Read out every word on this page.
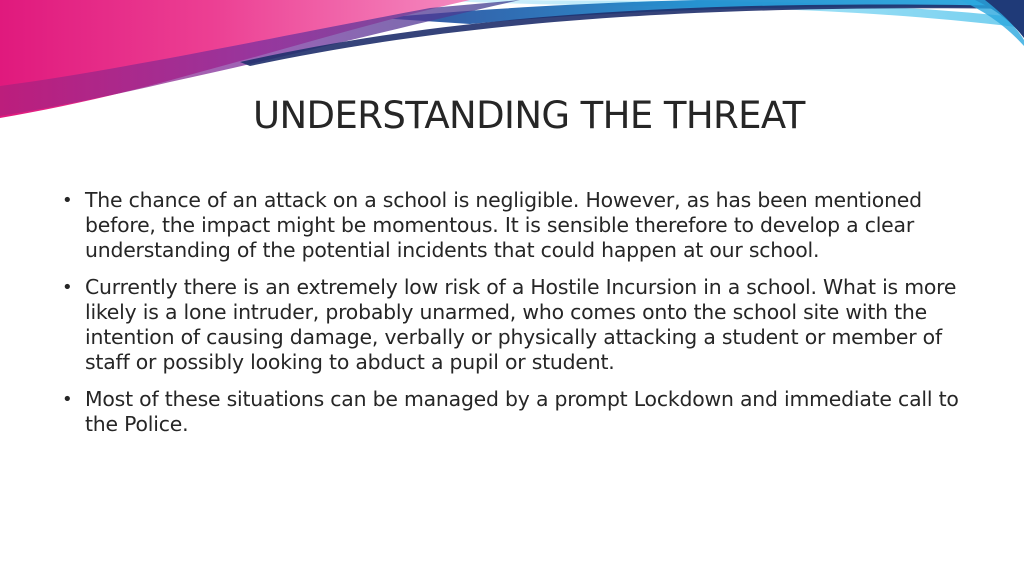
UNDERSTANDING THE THREAT
• The chance of an attack on a school is negligible. However, as has been mentioned before, the impact might be momentous. It is sensible therefore to develop a clear understanding of the potential incidents that could happen at our school.
• Currently there is an extremely low risk of a Hostile Incursion in a school. What is more likely is a lone intruder, probably unarmed, who comes onto the school site with the intention of causing damage, verbally or physically attacking a student or member of staff or possibly looking to abduct a pupil or student.
• Most of these situations can be managed by a prompt Lockdown and immediate call to the Police.
